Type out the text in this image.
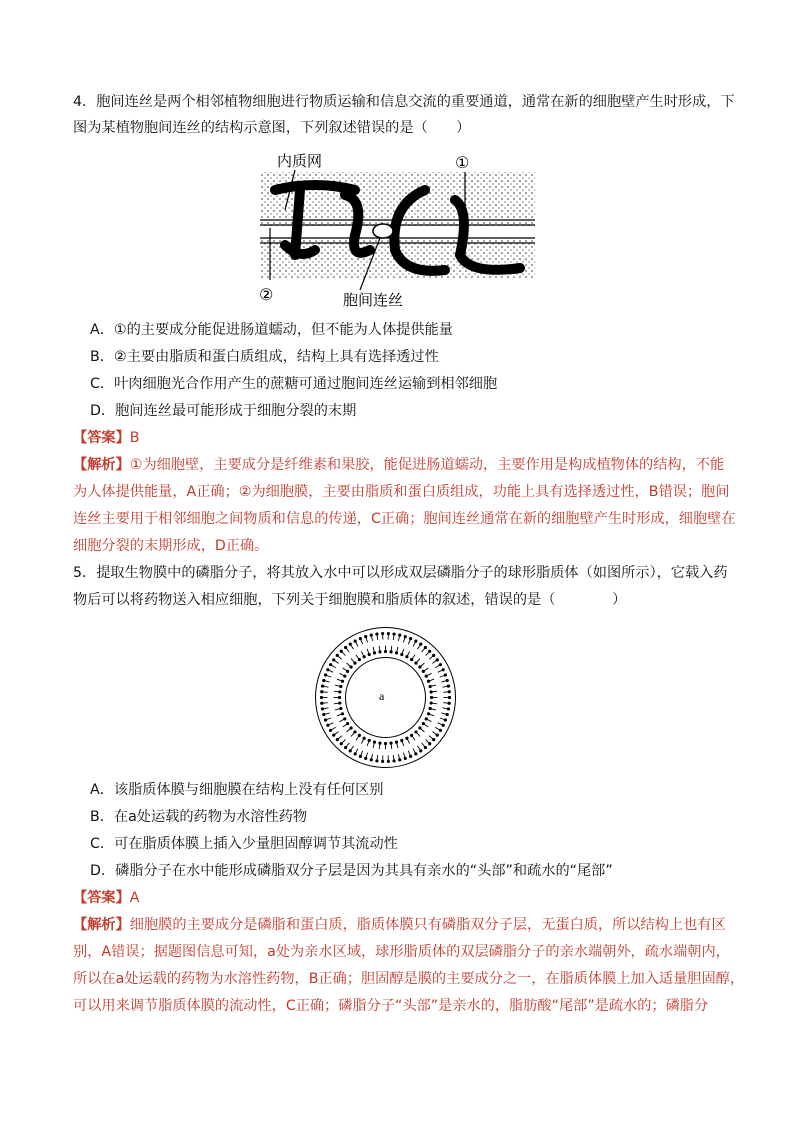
4．胞间连丝是两个相邻植物细胞进行物质运输和信息交流的重要通道，通常在新的细胞壁产生时形成，下
图为某植物胞间连丝的结构示意图，下列叙述错误的是（　　）
内质网	①
②	胞间连丝
A．①的主要成分能促进肠道蠕动，但不能为人体提供能量
B．②主要由脂质和蛋白质组成，结构上具有选择透过性
C．叶肉细胞光合作用产生的蔗糖可通过胞间连丝运输到相邻细胞
D．胞间连丝最可能形成于细胞分裂的末期
【答案】B
【解析】①为细胞壁，主要成分是纤维素和果胶，能促进肠道蠕动，主要作用是构成植物体的结构，不能
为人体提供能量，A正确；②为细胞膜，主要由脂质和蛋白质组成，功能上具有选择透过性，B错误；胞间
连丝主要用于相邻细胞之间物质和信息的传递，C正确；胞间连丝通常在新的细胞壁产生时形成，细胞壁在
细胞分裂的末期形成，D正确。
5．提取生物膜中的磷脂分子，将其放入水中可以形成双层磷脂分子的球形脂质体（如图所示），它载入药
物后可以将药物送入相应细胞，下列关于细胞膜和脂质体的叙述，错误的是（　　　　）
a
A．该脂质体膜与细胞膜在结构上没有任何区别
B．在a处运载的药物为水溶性药物
C．可在脂质体膜上插入少量胆固醇调节其流动性
D．磷脂分子在水中能形成磷脂双分子层是因为其具有亲水的“头部”和疏水的“尾部”
【答案】A
【解析】细胞膜的主要成分是磷脂和蛋白质，脂质体膜只有磷脂双分子层，无蛋白质，所以结构上也有区
别，A错误；据题图信息可知，a处为亲水区域，球形脂质体的双层磷脂分子的亲水端朝外，疏水端朝内，
所以在a处运载的药物为水溶性药物，B正确；胆固醇是膜的主要成分之一，在脂质体膜上加入适量胆固醇，
可以用来调节脂质体膜的流动性，C正确；磷脂分子“头部”是亲水的，脂肪酸“尾部”是疏水的；磷脂分
